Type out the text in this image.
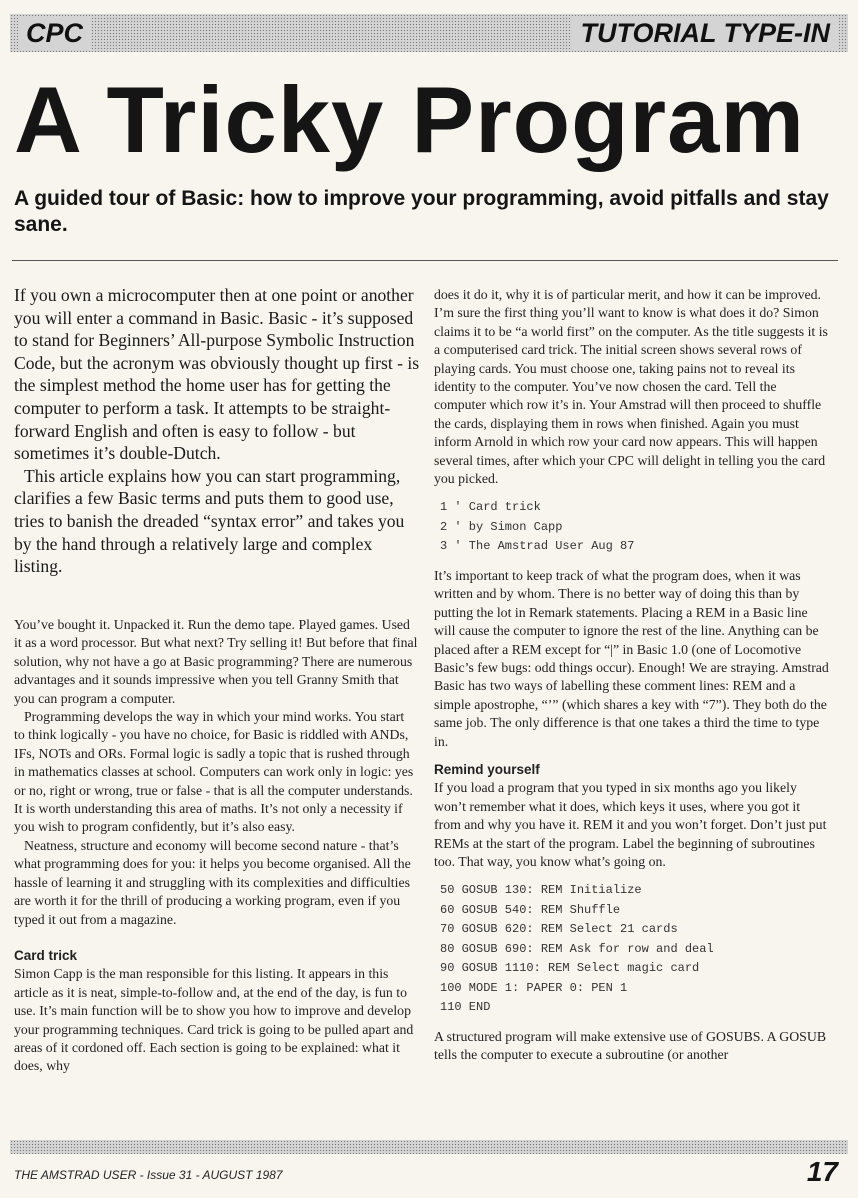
CPC	TUTORIAL TYPE-IN
A Tricky Program
A guided tour of Basic: how to improve your programming, avoid pitfalls and stay sane.

If you own a microcomputer then at one point or another you will enter a command in Basic. Basic - it’s supposed to stand for Beginners’ All-purpose Symbolic Instruction Code, but the acronym was obviously thought up first - is the simplest method the home user has for getting the computer to perform a task. It attempts to be straight-forward English and often is easy to follow - but sometimes it’s double-Dutch.

This article explains how you can start programming, clarifies a few Basic terms and puts them to good use, tries to banish the dreaded “syntax error” and takes you by the hand through a relatively large and complex listing.

You’ve bought it. Unpacked it. Run the demo tape. Played games. Used it as a word processor. But what next? Try selling it! But before that final solution, why not have a go at Basic programming? There are numerous advantages and it sounds impressive when you tell Granny Smith that you can program a computer.

Programming develops the way in which your mind works. You start to think logically - you have no choice, for Basic is riddled with ANDs, IFs, NOTs and ORs. Formal logic is sadly a topic that is rushed through in mathematics classes at school. Computers can work only in logic: yes or no, right or wrong, true or false - that is all the computer understands. It is worth understanding this area of maths. It’s not only a necessity if you wish to program confidently, but it’s also easy.

Neatness, structure and economy will become second nature - that’s what programming does for you: it helps you become organised. All the hassle of learning it and struggling with its complexities and difficulties are worth it for the thrill of producing a working program, even if you typed it out from a magazine.

Card trick

Simon Capp is the man responsible for this listing. It appears in this article as it is neat, simple-to-follow and, at the end of the day, is fun to use. It’s main function will be to show you how to improve and develop your programming techniques. Card trick is going to be pulled apart and areas of it cordoned off. Each section is going to be explained: what it does, why

does it do it, why it is of particular merit, and how it can be improved.

I’m sure the first thing you’ll want to know is what does it do? Simon claims it to be “a world first” on the computer. As the title suggests it is a computerised card trick. The initial screen shows several rows of playing cards. You must choose one, taking pains not to reveal its identity to the computer. You’ve now chosen the card. Tell the computer which row it’s in. Your Amstrad will then proceed to shuffle the cards, displaying them in rows when finished. Again you must inform Arnold in which row your card now appears. This will happen several times, after which your CPC will delight in telling you the card you picked.

1 ' Card trick
2 ' by Simon Capp
3 ' The Amstrad User Aug 87

It’s important to keep track of what the program does, when it was written and by whom. There is no better way of doing this than by putting the lot in Remark statements. Placing a REM in a Basic line will cause the computer to ignore the rest of the line. Anything can be placed after a REM except for “|” in Basic 1.0 (one of Locomotive Basic’s few bugs: odd things occur). Enough! We are straying. Amstrad Basic has two ways of labelling these comment lines: REM and a simple apostrophe, “’” (which shares a key with “7”). They both do the same job. The only difference is that one takes a third the time to type in.

Remind yourself

If you load a program that you typed in six months ago you likely won’t remember what it does, which keys it uses, where you got it from and why you have it. REM it and you won’t forget. Don’t just put REMs at the start of the program. Label the beginning of subroutines too. That way, you know what’s going on.

50 GOSUB 130: REM Initialize
60 GOSUB 540: REM Shuffle
70 GOSUB 620: REM Select 21 cards
80 GOSUB 690: REM Ask for row and deal
90 GOSUB 1110: REM Select magic card
100 MODE 1: PAPER 0: PEN 1
110 END

A structured program will make extensive use of GOSUBS. A GOSUB tells the computer to execute a subroutine (or another

THE AMSTRAD USER - Issue 31 - AUGUST 1987	17
